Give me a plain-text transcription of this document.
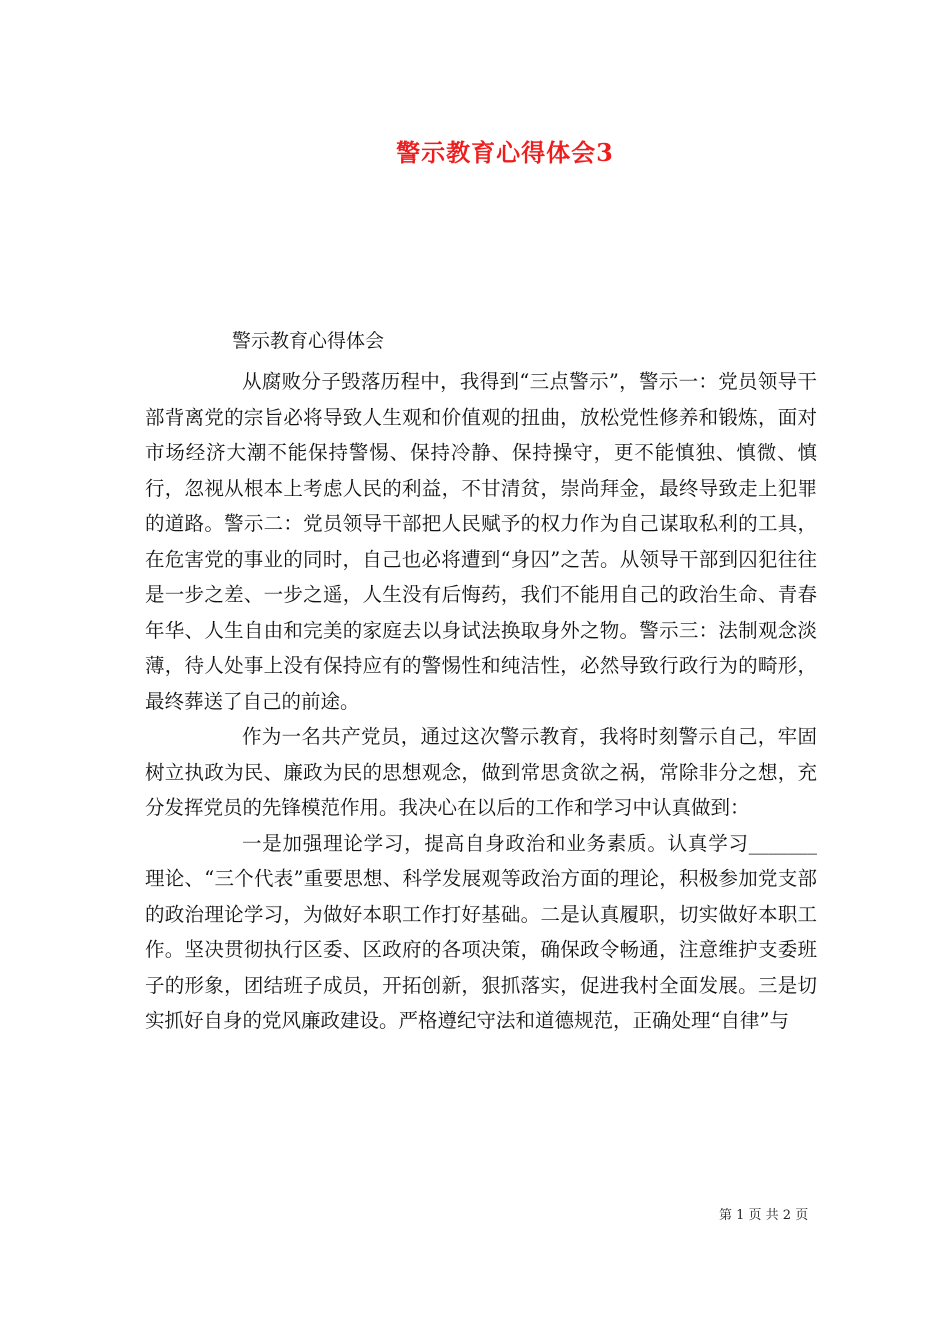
警示教育心得体会3
警示教育心得体会

从腐败分子毁落历程中，我得到“三点警示”，警示一：党员领导干部背离党的宗旨必将导致人生观和价值观的扭曲，放松党性修养和锻炼，面对市场经济大潮不能保持警惕、保持冷静、保持操守，更不能慎独、慎微、慎行，忽视从根本上考虑人民的利益，不甘清贫，崇尚拜金，最终导致走上犯罪的道路。警示二：党员领导干部把人民赋予的权力作为自己谋取私利的工具，在危害党的事业的同时，自己也必将遭到“身囚”之苦。从领导干部到囚犯往往是一步之差、一步之遥，人生没有后悔药，我们不能用自己的政治生命、青春年华、人生自由和完美的家庭去以身试法换取身外之物。警示三：法制观念淡薄，待人处事上没有保持应有的警惕性和纯洁性，必然导致行政行为的畸形，最终葬送了自己的前途。

作为一名共产党员，通过这次警示教育，我将时刻警示自己，牢固树立执政为民、廉政为民的思想观念，做到常思贪欲之祸，常除非分之想，充分发挥党员的先锋模范作用。我决心在以后的工作和学习中认真做到：

一是加强理论学习，提高自身政治和业务素质。认真学习_______理论、“三个代表”重要思想、科学发展观等政治方面的理论，积极参加党支部的政治理论学习，为做好本职工作打好基础。二是认真履职，切实做好本职工作。坚决贯彻执行区委、区政府的各项决策，确保政令畅通，注意维护支委班子的形象，团结班子成员，开拓创新，狠抓落实，促进我村全面发展。三是切实抓好自身的党风廉政建设。严格遵纪守法和道德规范，正确处理“自律”与

第 1 页 共 2 页
